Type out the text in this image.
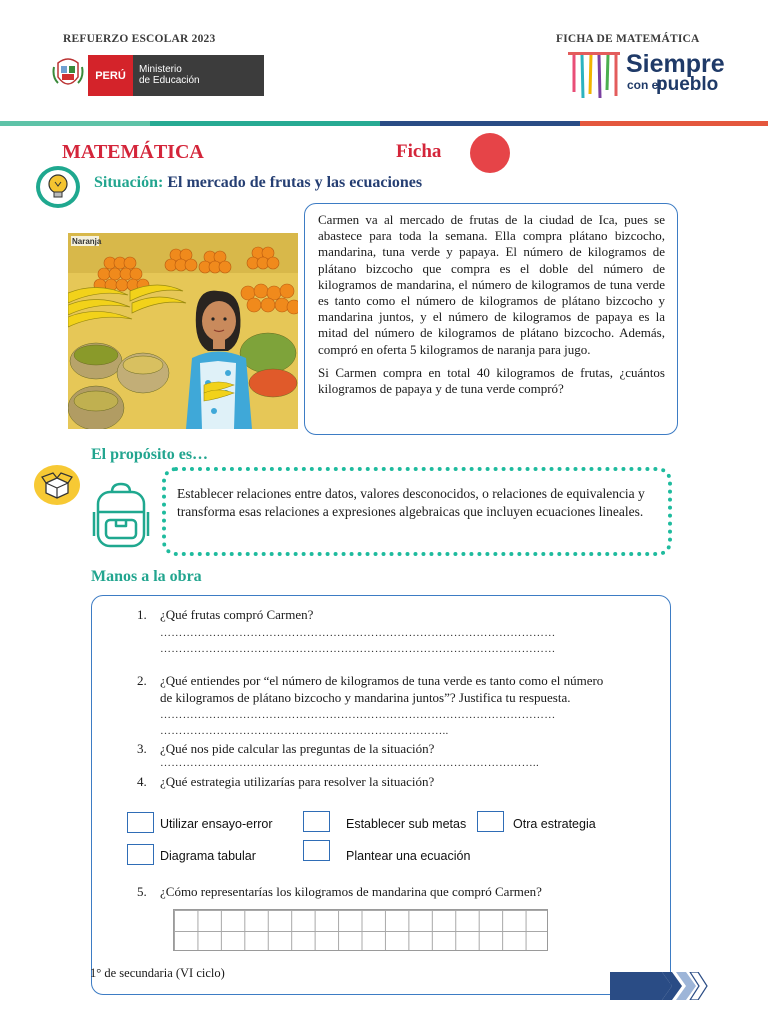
REFUERZO ESCOLAR 2023	FICHA DE MATEMÁTICA
PERÚ	Ministerio
de Educación
Siempre
con el
pueblo
MATEMÁTICA	Ficha
Situación: El mercado de frutas y las ecuaciones
Naranja

Carmen va al mercado de frutas de la ciudad de Ica, pues se abastece para toda la semana. Ella compra plátano bizcocho, mandarina, tuna verde y papaya. El número de kilogramos de plátano bizcocho que compra es el doble del número de kilogramos de mandarina, el número de kilogramos de tuna verde es tanto como el número de kilogramos de plátano bizcocho y mandarina juntos, y el número de kilogramos de papaya es la mitad del número de kilogramos de plátano bizcocho. Además, compró en oferta 5 kilogramos de naranja para jugo.

Si Carmen compra en total 40 kilogramos de frutas, ¿cuántos kilogramos de papaya y de tuna verde compró?

El propósito es…
Establecer relaciones entre datos, valores desconocidos, o relaciones de equivalencia y transforma esas relaciones a expresiones algebraicas que incluyen ecuaciones lineales.
Manos a la obra
1. ¿Qué frutas compró Carmen?
……………………………………………………………………………………………
……………………………………………………………………………………………
2. ¿Qué entiendes por “el número de kilogramos de tuna verde es tanto como el número
de kilogramos de plátano bizcocho y mandarina juntos”? Justifica tu respuesta.
……………………………………………………………………………………………
…………………………………………………………………..
3. ¿Qué nos pide calcular las preguntas de la situación?
………………………………………………………………………………………..
4. ¿Qué estrategia utilizarías para resolver la situación?
Utilizar ensayo-error	Establecer sub metas	Otra estrategia
Diagrama tabular	Plantear una ecuación
5. ¿Cómo representarías los kilogramos de mandarina que compró Carmen?
1° de secundaria (VI ciclo)
